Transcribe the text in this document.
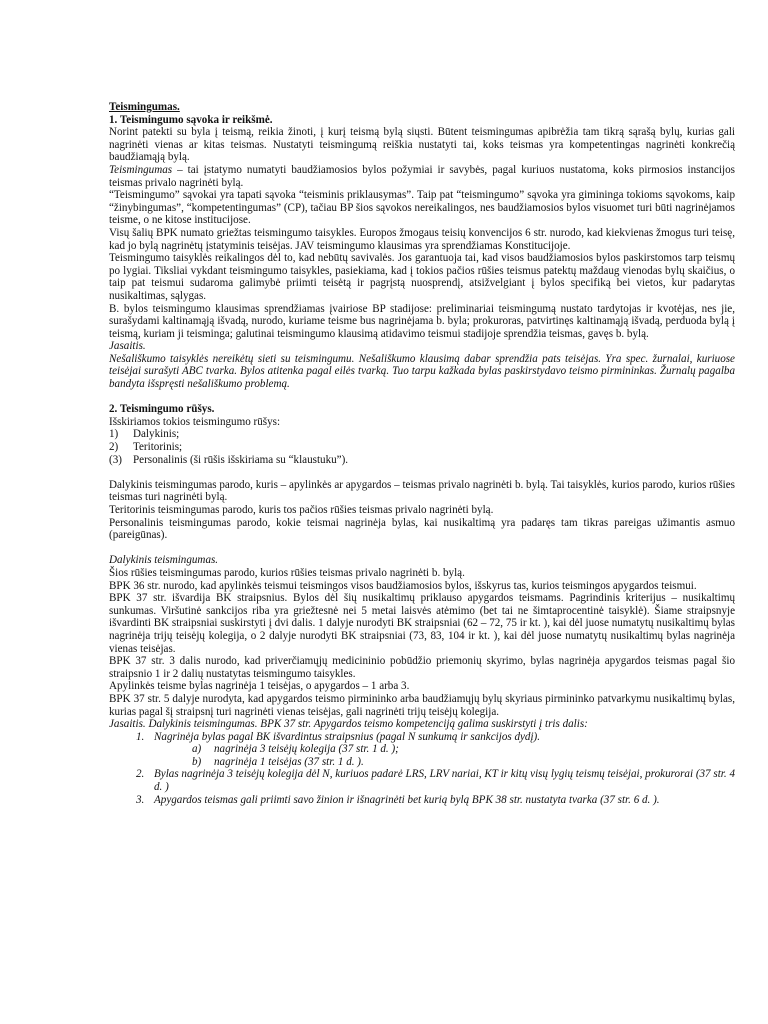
Teismingumas.

1. Teismingumo sąvoka ir reikšmė.

Norint patekti su byla į teismą, reikia žinoti, į kurį teismą bylą siųsti. Būtent teismingumas apibrėžia tam tikrą sąrašą bylų, kurias gali nagrinėti vienas ar kitas teismas. Nustatyti teismingumą reiškia nustatyti tai, koks teismas yra kompetentingas nagrinėti konkrečią baudžiamąją bylą.

Teismingumas – tai įstatymo numatyti baudžiamosios bylos požymiai ir savybės, pagal kuriuos nustatoma, koks pirmosios instancijos teismas privalo nagrinėti bylą.

“Teismingumo” sąvokai yra tapati sąvoka “teisminis priklausymas”. Taip pat “teismingumo” sąvoka yra gimininga tokioms sąvokoms, kaip “žinybingumas”, “kompetentingumas” (CP), tačiau BP šios sąvokos nereikalingos, nes baudžiamosios bylos visuomet turi būti nagrinėjamos teisme, o ne kitose institucijose.

Visų šalių BPK numato griežtas teismingumo taisykles. Europos žmogaus teisių konvencijos 6 str. nurodo, kad kiekvienas žmogus turi teisę, kad jo bylą nagrinėtų įstatyminis teisėjas. JAV teismingumo klausimas yra sprendžiamas Konstitucijoje.

Teismingumo taisyklės reikalingos dėl to, kad nebūtų savivalės. Jos garantuoja tai, kad visos baudžiamosios bylos paskirstomos tarp teismų po lygiai. Tiksliai vykdant teismingumo taisykles, pasiekiama, kad į tokios pačios rūšies teismus patektų maždaug vienodas bylų skaičius, o taip pat teismui sudaroma galimybė priimti teisėtą ir pagrįstą nuosprendį, atsižvelgiant į bylos specifiką bei vietos, kur padarytas nusikaltimas, sąlygas.

B. bylos teismingumo klausimas sprendžiamas įvairiose BP stadijose: preliminariai teismingumą nustato tardytojas ir kvotėjas, nes jie, surašydami kaltinamąją išvadą, nurodo, kuriame teisme bus nagrinėjama b. byla; prokuroras, patvirtinęs kaltinamąją išvadą, perduoda bylą į teismą, kuriam ji teisminga; galutinai teismingumo klausimą atidavimo teismui stadijoje sprendžia teismas, gavęs b. bylą.

Jasaitis.

Nešališkumo taisyklės nereikėtų sieti su teismingumu. Nešališkumo klausimą dabar sprendžia pats teisėjas. Yra spec. žurnalai, kuriuose teisėjai surašyti ABC tvarka. Bylos atitenka pagal eilės tvarką. Tuo tarpu kažkada bylas paskirstydavo teismo pirmininkas. Žurnalų pagalba bandyta išspręsti nešališkumo problemą.

2. Teismingumo rūšys.

Išskiriamos tokios teismingumo rūšys:

1)	Dalykinis;
2)	Teritorinis;
(3) Personalinis (ši rūšis išskiriama su “klaustuku”).

Dalykinis teismingumas parodo, kuris – apylinkės ar apygardos – teismas privalo nagrinėti b. bylą. Tai taisyklės, kurios parodo, kurios rūšies teismas turi nagrinėti bylą.

Teritorinis teismingumas parodo, kuris tos pačios rūšies teismas privalo nagrinėti bylą.

Personalinis teismingumas parodo, kokie teismai nagrinėja bylas, kai nusikaltimą yra padaręs tam tikras pareigas užimantis asmuo (pareigūnas).

Dalykinis teismingumas.

Šios rūšies teismingumas parodo, kurios rūšies teismas privalo nagrinėti b. bylą.

BPK 36 str. nurodo, kad apylinkės teismui teismingos visos baudžiamosios bylos, išskyrus tas, kurios teismingos apygardos teismui.

BPK 37 str. išvardija BK straipsnius. Bylos dėl šių nusikaltimų priklauso apygardos teismams. Pagrindinis kriterijus – nusikaltimų sunkumas. Viršutinė sankcijos riba yra griežtesnė nei 5 metai laisvės atėmimo (bet tai ne šimtaprocentinė taisyklė). Šiame straipsnyje išvardinti BK straipsniai suskirstyti į dvi dalis. 1 dalyje nurodyti BK straipsniai (62 – 72, 75 ir kt. ), kai dėl juose numatytų nusikaltimų bylas nagrinėja trijų teisėjų kolegija, o 2 dalyje nurodyti BK straipsniai (73, 83, 104 ir kt. ), kai dėl juose numatytų nusikaltimų bylas nagrinėja vienas teisėjas.

BPK 37 str. 3 dalis nurodo, kad priverčiamųjų medicininio pobūdžio priemonių skyrimo, bylas nagrinėja apygardos teismas pagal šio straipsnio 1 ir 2 dalių nustatytas teismingumo taisykles.

Apylinkės teisme bylas nagrinėja 1 teisėjas, o apygardos – 1 arba 3.

BPK 37 str. 5 dalyje nurodyta, kad apygardos teismo pirmininko arba baudžiamųjų bylų skyriaus pirmininko patvarkymu nusikaltimų bylas, kurias pagal šį straipsnį turi nagrinėti vienas teisėjas, gali nagrinėti trijų teisėjų kolegija.

Jasaitis. Dalykinis teismingumas. BPK 37 str. Apygardos teismo kompetenciją galima suskirstyti į tris dalis:

1. Nagrinėja bylas pagal BK išvardintus straipsnius (pagal N sunkumą ir sankcijos dydį).
a)	nagrinėja 3 teisėjų kolegija (37 str. 1 d. );
b)	nagrinėja 1 teisėjas (37 str. 1 d. ).
2. Bylas nagrinėja 3 teisėjų kolegija dėl N, kuriuos padarė LRS, LRV nariai, KT ir kitų visų lygių teismų teisėjai, prokurorai (37 str. 4 d. )
3. Apygardos teismas gali priimti savo žinion ir išnagrinėti bet kurią bylą BPK 38 str. nustatyta tvarka (37 str. 6 d. ).
